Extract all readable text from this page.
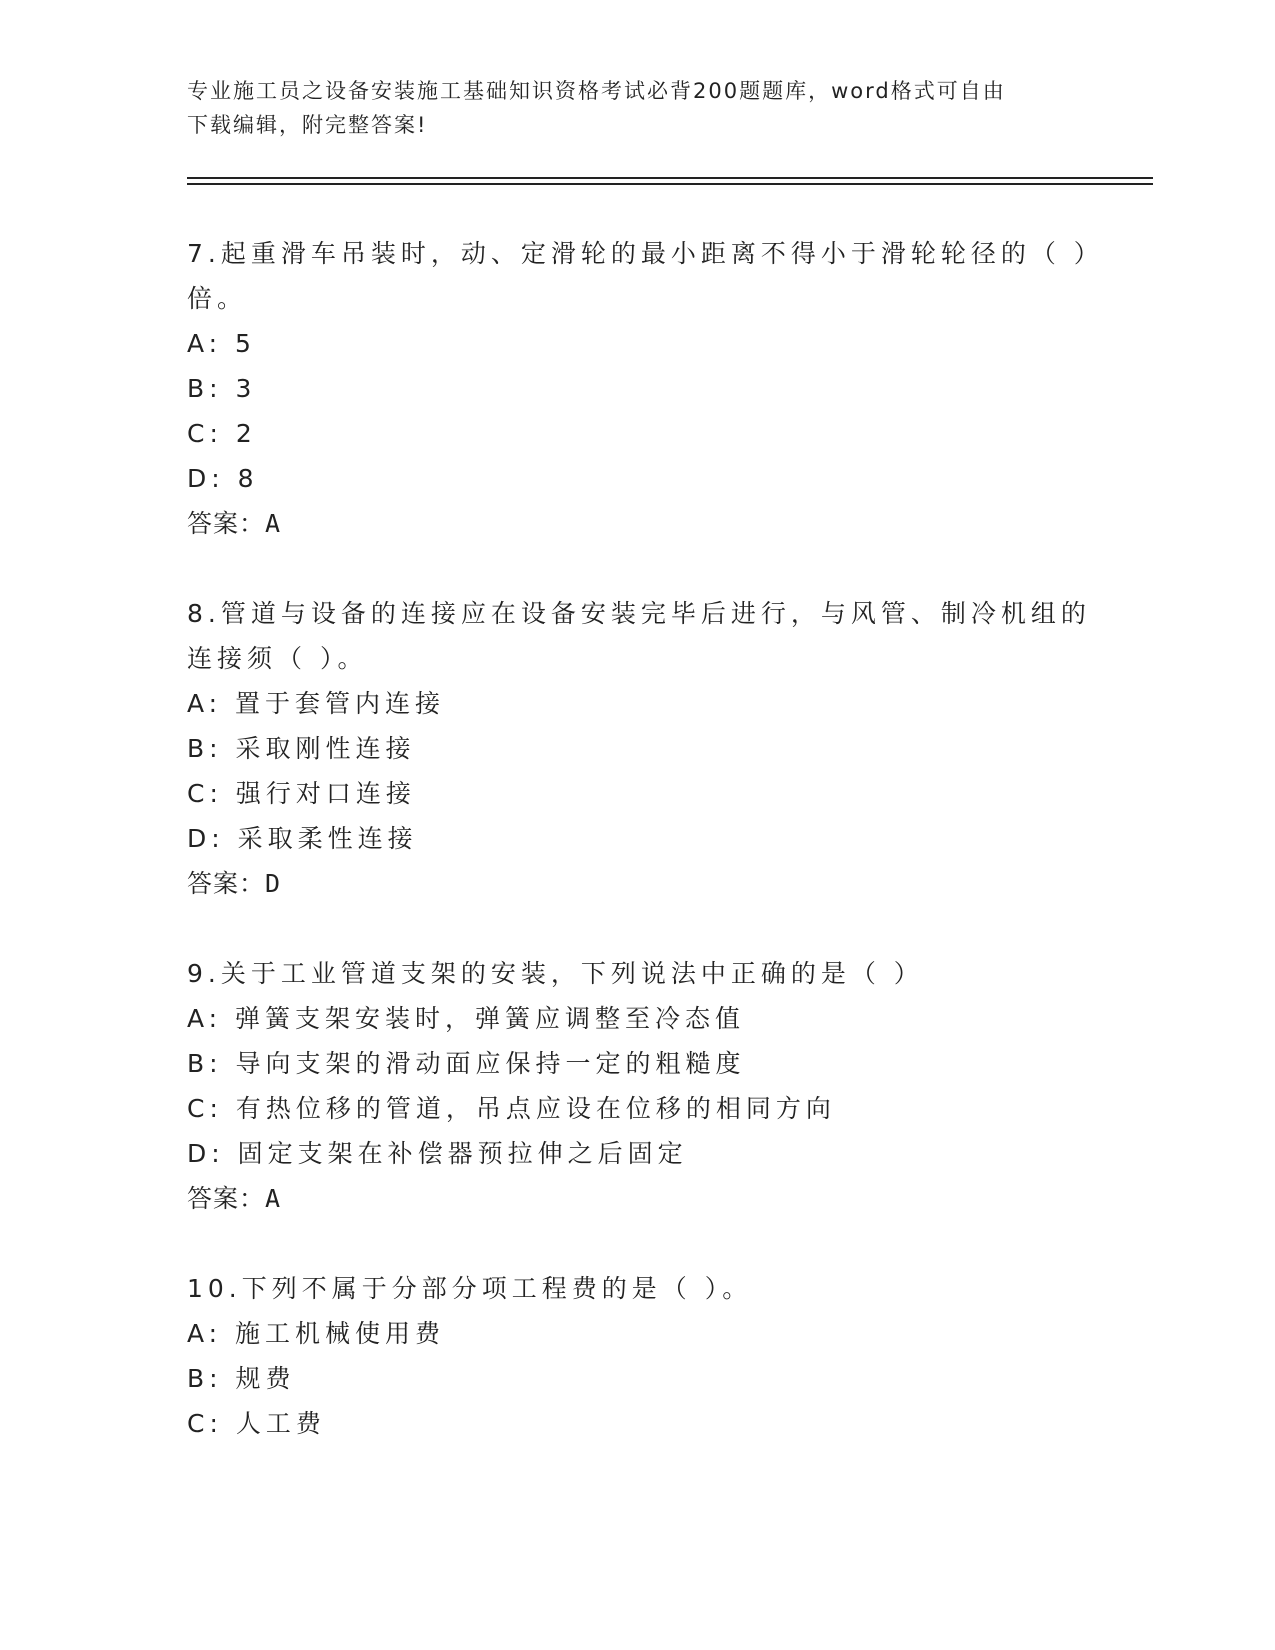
专业施工员之设备安装施工基础知识资格考试必背200题题库，word格式可自由
下载编辑，附完整答案!
7.起重滑车吊装时，动、定滑轮的最小距离不得小于滑轮轮径的（ ）
倍。
A: 5
B: 3
C: 2
D: 8
答案：A
8.管道与设备的连接应在设备安装完毕后进行，与风管、制冷机组的
连接须（ ）。
A: 置于套管内连接
B: 采取刚性连接
C: 强行对口连接
D: 采取柔性连接
答案：D
9.关于工业管道支架的安装，下列说法中正确的是（ ）
A: 弹簧支架安装时，弹簧应调整至冷态值
B: 导向支架的滑动面应保持一定的粗糙度
C: 有热位移的管道，吊点应设在位移的相同方向
D: 固定支架在补偿器预拉伸之后固定
答案：A
10.下列不属于分部分项工程费的是（ ）。
A: 施工机械使用费
B: 规费
C: 人工费
